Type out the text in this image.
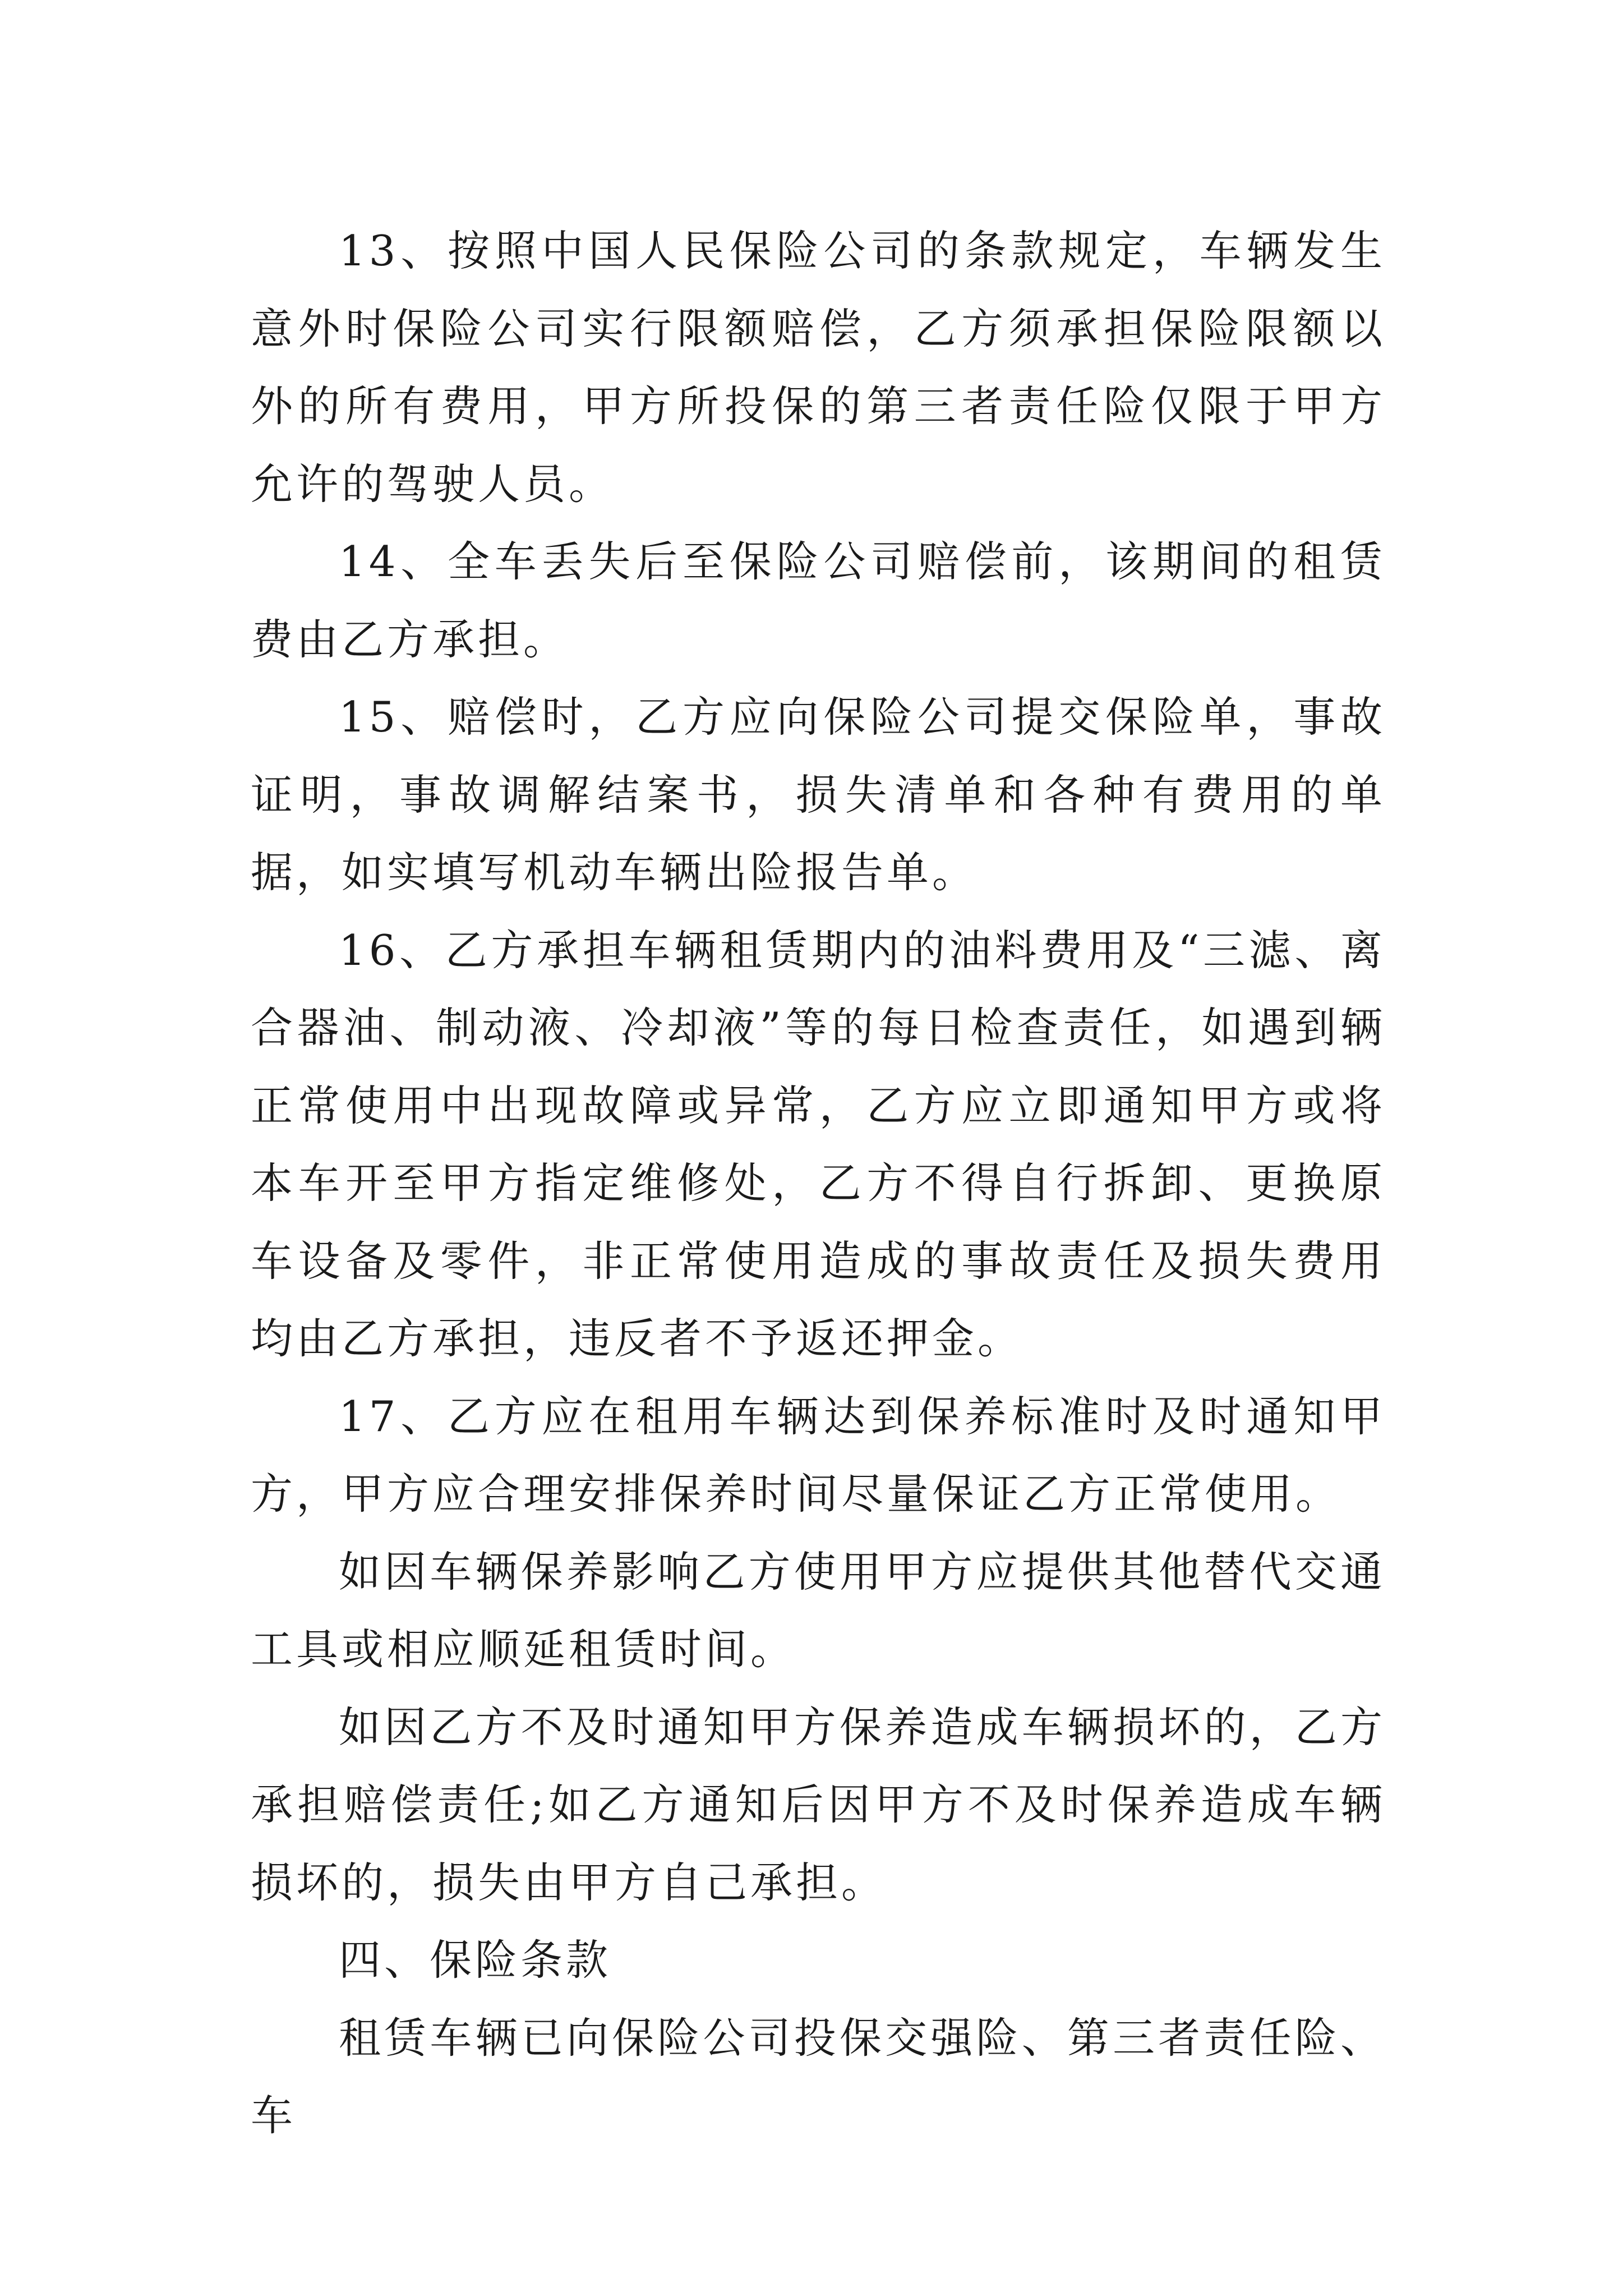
13、按照中国人民保险公司的条款规定，车辆发生意外时保险公司实行限额赔偿，乙方须承担保险限额以外的所有费用，甲方所投保的第三者责任险仅限于甲方允许的驾驶人员。

14、全车丢失后至保险公司赔偿前，该期间的租赁费由乙方承担。

15、赔偿时，乙方应向保险公司提交保险单，事故证明，事故调解结案书，损失清单和各种有费用的单据，如实填写机动车辆出险报告单。

16、乙方承担车辆租赁期内的油料费用及“三滤、离合器油、制动液、冷却液”等的每日检查责任，如遇到辆正常使用中出现故障或异常，乙方应立即通知甲方或将本车开至甲方指定维修处，乙方不得自行拆卸、更换原车设备及零件，非正常使用造成的事故责任及损失费用均由乙方承担，违反者不予返还押金。

17、乙方应在租用车辆达到保养标准时及时通知甲方，甲方应合理安排保养时间尽量保证乙方正常使用。

如因车辆保养影响乙方使用甲方应提供其他替代交通工具或相应顺延租赁时间。

如因乙方不及时通知甲方保养造成车辆损坏的，乙方承担赔偿责任;如乙方通知后因甲方不及时保养造成车辆损坏的，损失由甲方自己承担。

四、保险条款

租赁车辆已向保险公司投保交强险、第三者责任险、车
